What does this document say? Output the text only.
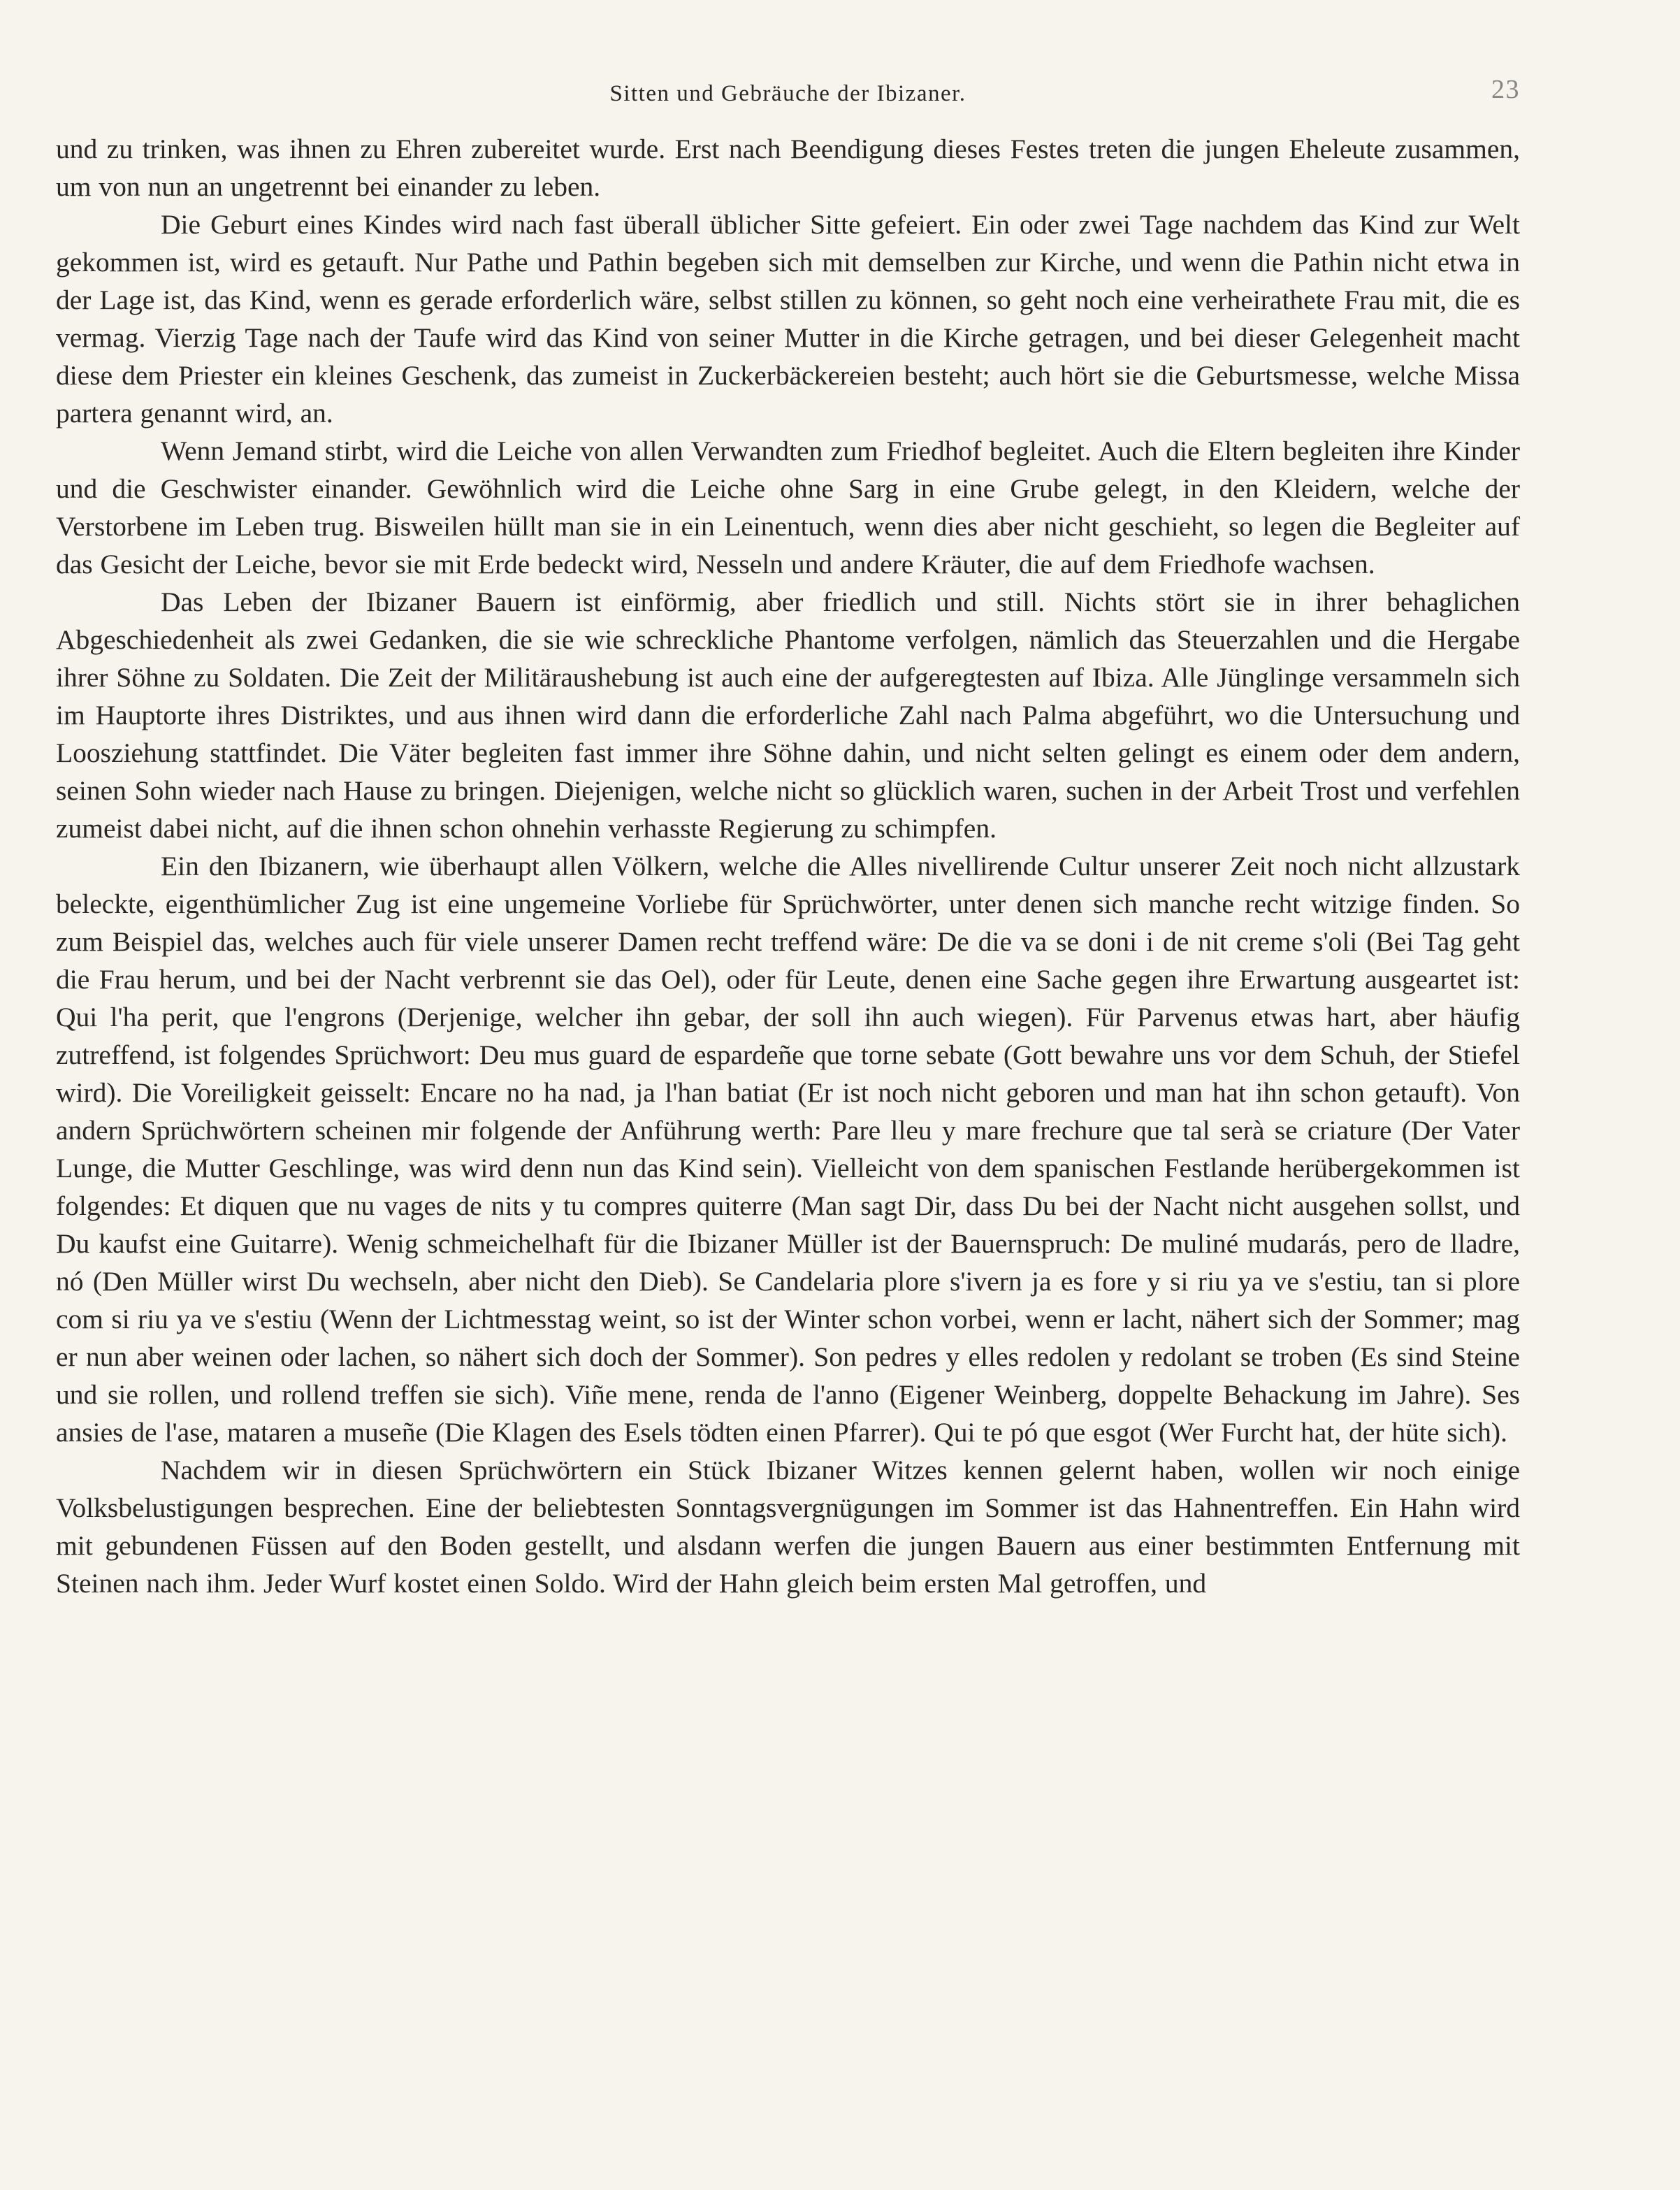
Sitten und Gebräuche der Ibizaner.	23

und zu trinken, was ihnen zu Ehren zubereitet wurde. Erst nach Beendigung dieses Festes treten die jungen Eheleute zusammen, um von nun an ungetrennt bei einander zu leben.

Die Geburt eines Kindes wird nach fast überall üblicher Sitte gefeiert. Ein oder zwei Tage nachdem das Kind zur Welt gekommen ist, wird es getauft. Nur Pathe und Pathin begeben sich mit demselben zur Kirche, und wenn die Pathin nicht etwa in der Lage ist, das Kind, wenn es gerade erforderlich wäre, selbst stillen zu können, so geht noch eine verheirathete Frau mit, die es vermag. Vierzig Tage nach der Taufe wird das Kind von seiner Mutter in die Kirche getragen, und bei dieser Gelegenheit macht diese dem Priester ein kleines Geschenk, das zumeist in Zuckerbäckereien besteht; auch hört sie die Geburtsmesse, welche Missa partera genannt wird, an.

Wenn Jemand stirbt, wird die Leiche von allen Verwandten zum Friedhof begleitet. Auch die Eltern begleiten ihre Kinder und die Geschwister einander. Gewöhnlich wird die Leiche ohne Sarg in eine Grube gelegt, in den Kleidern, welche der Verstorbene im Leben trug. Bisweilen hüllt man sie in ein Leinentuch, wenn dies aber nicht geschieht, so legen die Begleiter auf das Gesicht der Leiche, bevor sie mit Erde bedeckt wird, Nesseln und andere Kräuter, die auf dem Friedhofe wachsen.

Das Leben der Ibizaner Bauern ist einförmig, aber friedlich und still. Nichts stört sie in ihrer behaglichen Abgeschiedenheit als zwei Gedanken, die sie wie schreckliche Phantome verfolgen, nämlich das Steuerzahlen und die Hergabe ihrer Söhne zu Soldaten. Die Zeit der Militäraushebung ist auch eine der aufgeregtesten auf Ibiza. Alle Jünglinge versammeln sich im Hauptorte ihres Distriktes, und aus ihnen wird dann die erforderliche Zahl nach Palma abgeführt, wo die Untersuchung und Loosziehung stattfindet. Die Väter begleiten fast immer ihre Söhne dahin, und nicht selten gelingt es einem oder dem andern, seinen Sohn wieder nach Hause zu bringen. Diejenigen, welche nicht so glücklich waren, suchen in der Arbeit Trost und verfehlen zumeist dabei nicht, auf die ihnen schon ohnehin verhasste Regierung zu schimpfen.

Ein den Ibizanern, wie überhaupt allen Völkern, welche die Alles nivellirende Cultur unserer Zeit noch nicht allzustark beleckte, eigenthümlicher Zug ist eine ungemeine Vorliebe für Sprüchwörter, unter denen sich manche recht witzige finden. So zum Beispiel das, welches auch für viele unserer Damen recht treffend wäre: De die va se doni i de nit creme s'oli (Bei Tag geht die Frau herum, und bei der Nacht verbrennt sie das Oel), oder für Leute, denen eine Sache gegen ihre Erwartung ausgeartet ist: Qui l'ha perit, que l'engrons (Derjenige, welcher ihn gebar, der soll ihn auch wiegen). Für Parvenus etwas hart, aber häufig zutreffend, ist folgendes Sprüchwort: Deu mus guard de espardeñe que torne sebate (Gott bewahre uns vor dem Schuh, der Stiefel wird). Die Voreiligkeit geisselt: Encare no ha nad, ja l'han batiat (Er ist noch nicht geboren und man hat ihn schon getauft). Von andern Sprüchwörtern scheinen mir folgende der Anführung werth: Pare lleu y mare frechure que tal serà se criature (Der Vater Lunge, die Mutter Geschlinge, was wird denn nun das Kind sein). Vielleicht von dem spanischen Festlande herübergekommen ist folgendes: Et diquen que nu vages de nits y tu compres quiterre (Man sagt Dir, dass Du bei der Nacht nicht ausgehen sollst, und Du kaufst eine Guitarre). Wenig schmeichelhaft für die Ibizaner Müller ist der Bauernspruch: De muliné mudarás, pero de lladre, nó (Den Müller wirst Du wechseln, aber nicht den Dieb). Se Candelaria plore s'ivern ja es fore y si riu ya ve s'estiu, tan si plore com si riu ya ve s'estiu (Wenn der Lichtmesstag weint, so ist der Winter schon vorbei, wenn er lacht, nähert sich der Sommer; mag er nun aber weinen oder lachen, so nähert sich doch der Sommer). Son pedres y elles redolen y redolant se troben (Es sind Steine und sie rollen, und rollend treffen sie sich). Viñe mene, renda de l'anno (Eigener Weinberg, doppelte Behackung im Jahre). Ses ansies de l'ase, mataren a museñe (Die Klagen des Esels tödten einen Pfarrer). Qui te pó que esgot (Wer Furcht hat, der hüte sich).

Nachdem wir in diesen Sprüchwörtern ein Stück Ibizaner Witzes kennen gelernt haben, wollen wir noch einige Volksbelustigungen besprechen. Eine der beliebtesten Sonntagsvergnügungen im Sommer ist das Hahnentreffen. Ein Hahn wird mit gebundenen Füssen auf den Boden gestellt, und alsdann werfen die jungen Bauern aus einer bestimmten Entfernung mit Steinen nach ihm. Jeder Wurf kostet einen Soldo. Wird der Hahn gleich beim ersten Mal getroffen, und
